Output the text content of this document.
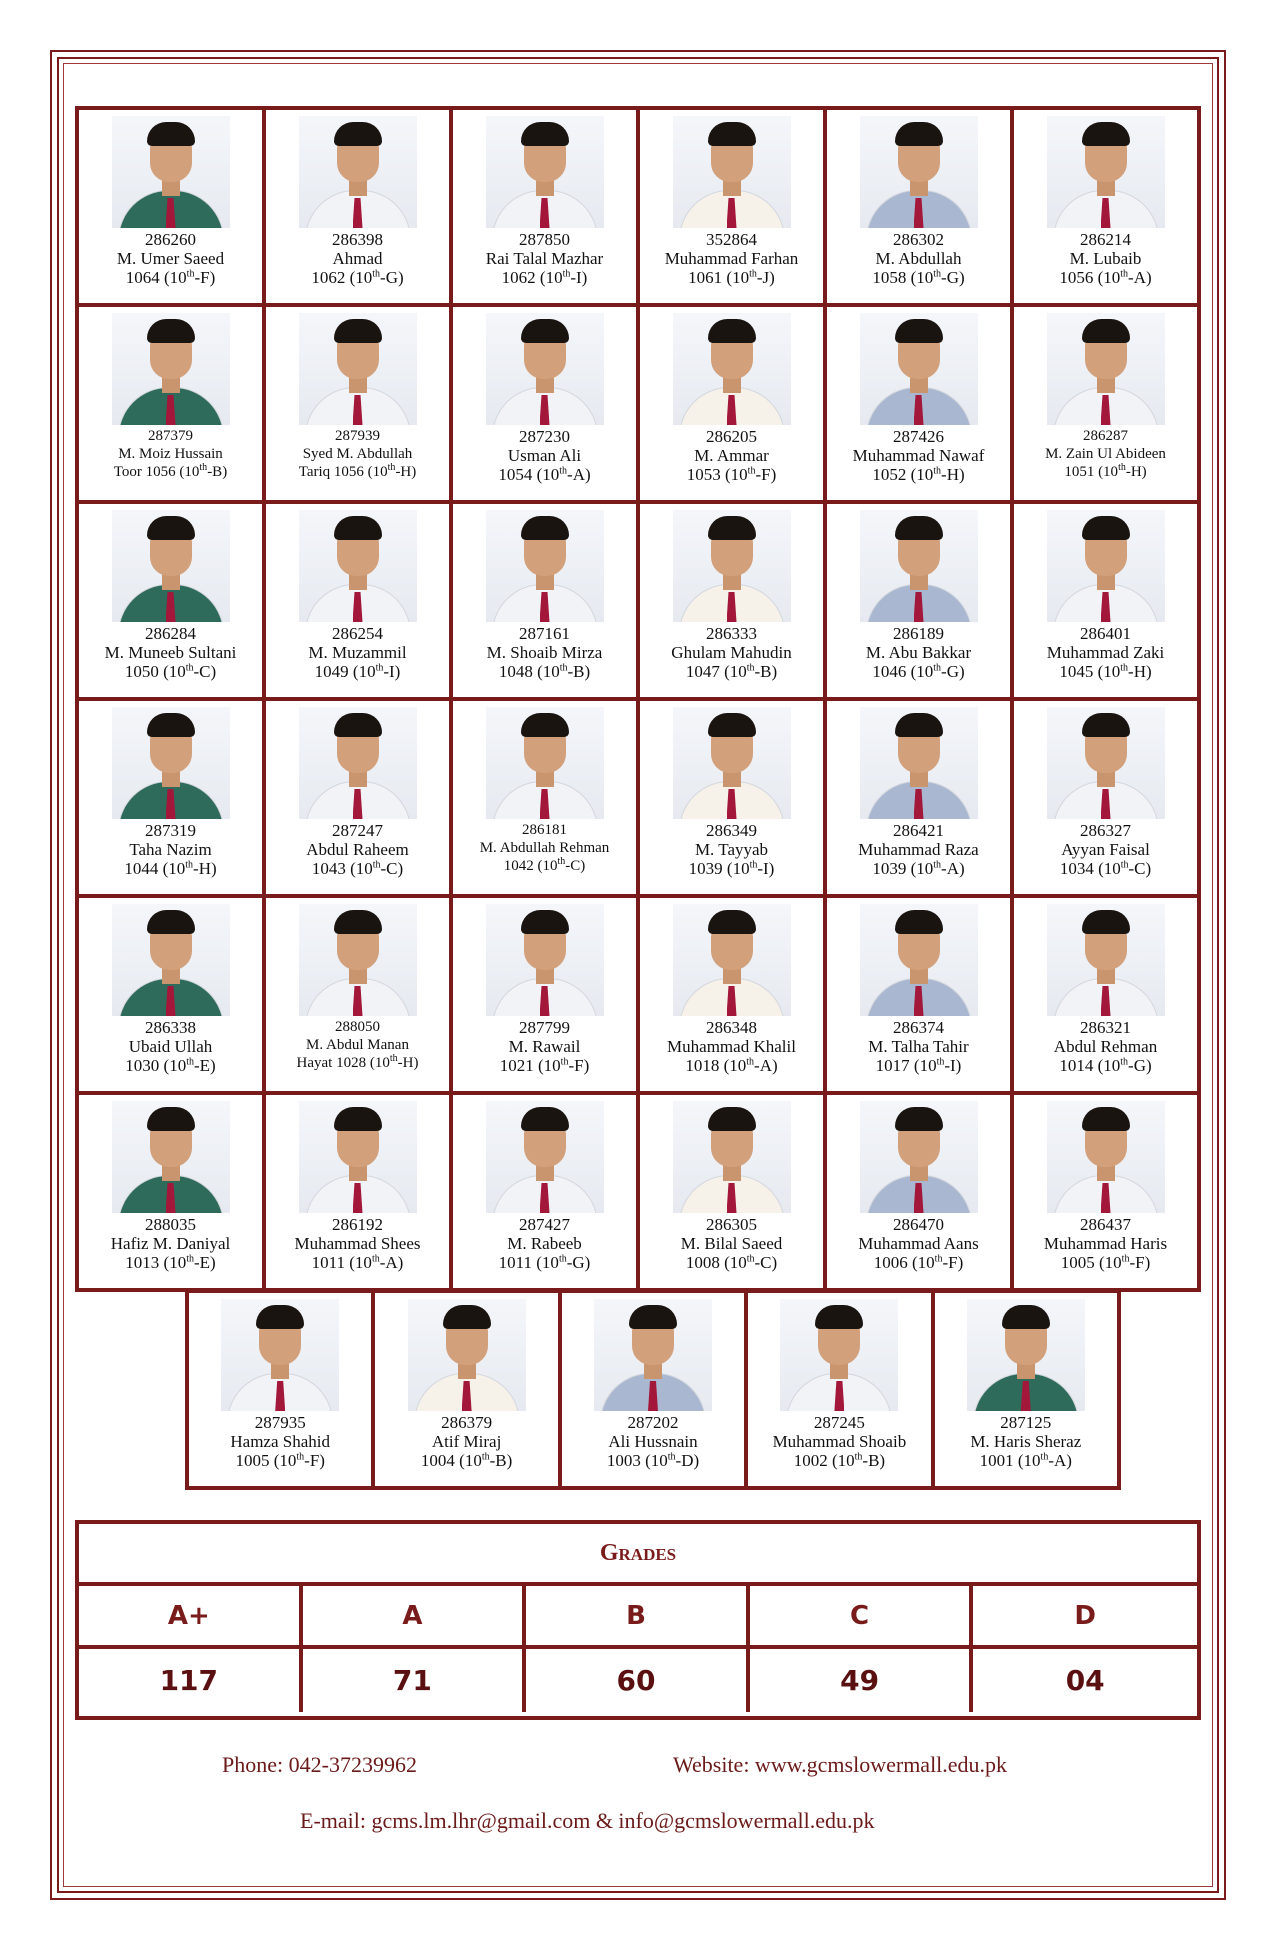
286260
M. Umer Saeed
1064 (10th-F)
286398
Ahmad
1062 (10th-G)
287850
Rai Talal Mazhar
1062 (10th-I)
352864
Muhammad Farhan
1061 (10th-J)
286302
M. Abdullah
1058 (10th-G)
286214
M. Lubaib
1056 (10th-A)
287379
M. Moiz Hussain
Toor 1056 (10th-B)
287939
Syed M. Abdullah
Tariq 1056 (10th-H)
287230
Usman Ali
1054 (10th-A)
286205
M. Ammar
1053 (10th-F)
287426
Muhammad Nawaf
1052 (10th-H)
286287
M. Zain Ul Abideen
1051 (10th-H)
286284
M. Muneeb Sultani
1050 (10th-C)
286254
M. Muzammil
1049 (10th-I)
287161
M. Shoaib Mirza
1048 (10th-B)
286333
Ghulam Mahudin
1047 (10th-B)
286189
M. Abu Bakkar
1046 (10th-G)
286401
Muhammad Zaki
1045 (10th-H)
287319
Taha Nazim
1044 (10th-H)
287247
Abdul Raheem
1043 (10th-C)
286181
M. Abdullah Rehman
1042 (10th-C)
286349
M. Tayyab
1039 (10th-I)
286421
Muhammad Raza
1039 (10th-A)
286327
Ayyan Faisal
1034 (10th-C)
286338
Ubaid Ullah
1030 (10th-E)
288050
M. Abdul Manan
Hayat 1028 (10th-H)
287799
M. Rawail
1021 (10th-F)
286348
Muhammad Khalil
1018 (10th-A)
286374
M. Talha Tahir
1017 (10th-I)
286321
Abdul Rehman
1014 (10th-G)
288035
Hafiz M. Daniyal
1013 (10th-E)
286192
Muhammad Shees
1011 (10th-A)
287427
M. Rabeeb
1011 (10th-G)
286305
M. Bilal Saeed
1008 (10th-C)
286470
Muhammad Aans
1006 (10th-F)
286437
Muhammad Haris
1005 (10th-F)
287935
Hamza Shahid
1005 (10th-F)
286379
Atif Miraj
1004 (10th-B)
287202
Ali Hussnain
1003 (10th-D)
287245
Muhammad Shoaib
1002 (10th-B)
287125
M. Haris Sheraz
1001 (10th-A)
Grades
A+	A	B	C	D
117	71	60	49	04
Phone: 042-37239962	Website: www.gcmslowermall.edu.pk
E-mail: gcms.lm.lhr@gmail.com & info@gcmslowermall.edu.pk
